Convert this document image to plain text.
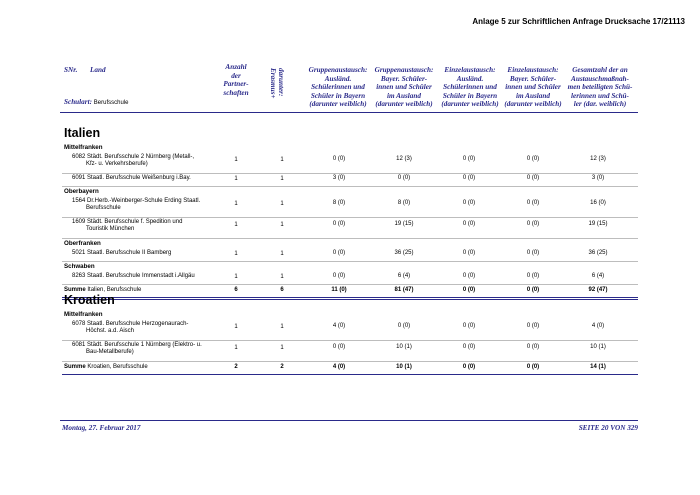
Anlage 5 zur Schriftlichen Anfrage Drucksache 17/21113
SNr. Land
Schulart: Berufsschule
Anzahl
der
Partner-
schaften	darunter:
Erasmus+	Gruppenaustausch:
Ausländ.
Schülerinnen und
Schüler in Bayern
(darunter weiblich)
Gruppenaustausch:
Bayer. Schüler-
innen und Schüler
im Ausland
(darunter weiblich)
Einzelaustausch:
Ausländ.
Schülerinnen und
Schüler in Bayern
(darunter weiblich)
Einzelaustausch:
Bayer. Schüler-
innen und Schüler
im Ausland
(darunter weiblich)
Gesamtzahl der an
Austauschmaßnah-
men beteiligten Schü-
lerinnen und Schü-
ler (dar. weiblich)
Italien
Mittelfranken
6082 Städt. Berufsschule 2 Nürnberg (Metall-,
Kfz- u. Verkehrsberufe)
1	1	0 (0)	12 (3)	0 (0)	0 (0)	12 (3)
6091 Staatl. Berufsschule Weißenburg i.Bay.	1	1	3 (0)	0 (0)	0 (0)	0 (0)	3 (0)
Oberbayern
1564 Dr.Herb.-Weinberger-Schule Erding Staatl.
Berufsschule
1	1	8 (0)	8 (0)	0 (0)	0 (0)	16 (0)
1609 Städt. Berufsschule f. Spedition und
Touristik München
1	1	0 (0)	19 (15)	0 (0)	0 (0)	19 (15)
Oberfranken
5021 Staatl. Berufsschule II Bamberg	1	1	0 (0)	36 (25)	0 (0)	0 (0)	36 (25)
Schwaben
8263 Staatl. Berufsschule Immenstadt i.Allgäu	1	1	0 (0)	6 (4)	0 (0)	0 (0)	6 (4)
Summe Italien, Berufsschule	6	6	11 (0)	81 (47)	0 (0)	0 (0)	92 (47)
Kroatien
Mittelfranken
6078 Staatl. Berufsschule Herzogenaurach-
Höchst. a.d. Aisch
1	1	4 (0)	0 (0)	0 (0)	0 (0)	4 (0)
6081 Städt. Berufsschule 1 Nürnberg (Elektro- u.
Bau-Metallberufe)
1	1	0 (0)	10 (1)	0 (0)	0 (0)	10 (1)
Summe Kroatien, Berufsschule	2	2	4 (0)	10 (1)	0 (0)	0 (0)	14 (1)
Montag, 27. Februar 2017	SEITE 20 VON 329
